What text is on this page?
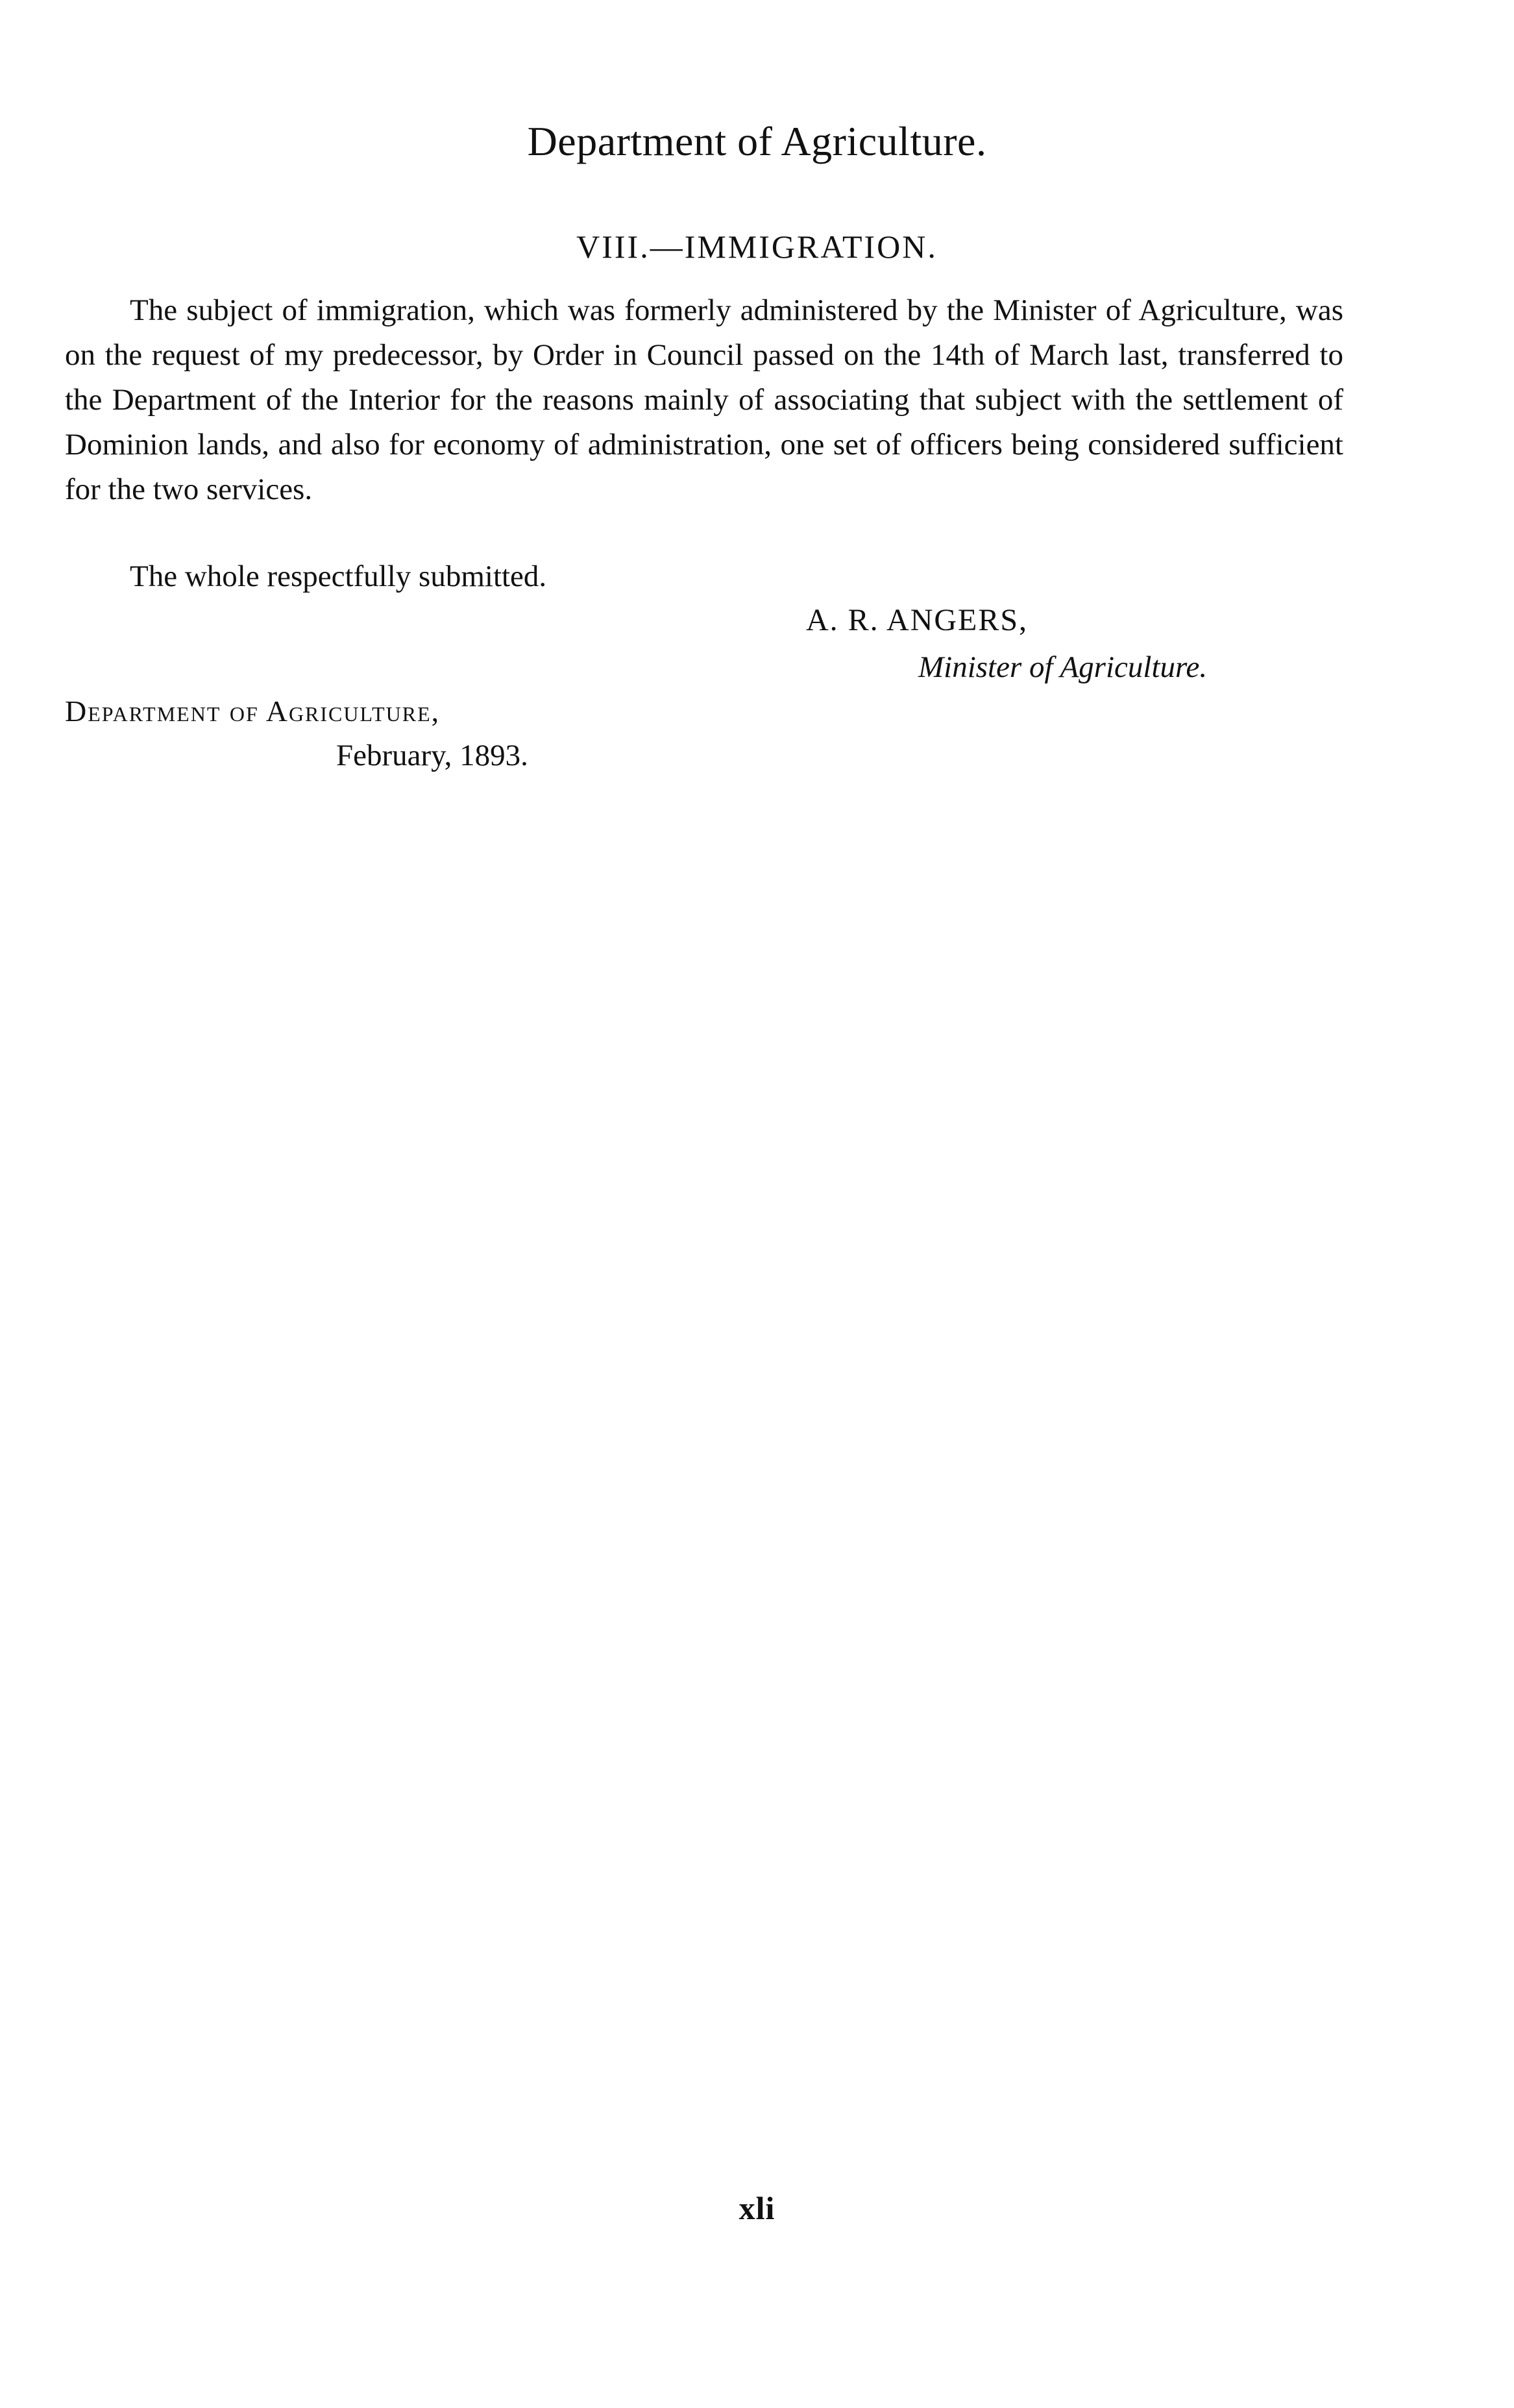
Department of Agriculture.
VIII.—IMMIGRATION.

The subject of immigration, which was formerly administered by the Minister of Agriculture, was on the request of my predecessor, by Order in Council passed on the 14th of March last, transferred to the Department of the Interior for the reasons mainly of associating that subject with the settlement of Dominion lands, and also for economy of administration, one set of officers being considered sufficient for the two services.

The whole respectfully submitted.

A. R. ANGERS,

Minister of Agriculture.

Department of Agriculture,

February, 1893.

xli
